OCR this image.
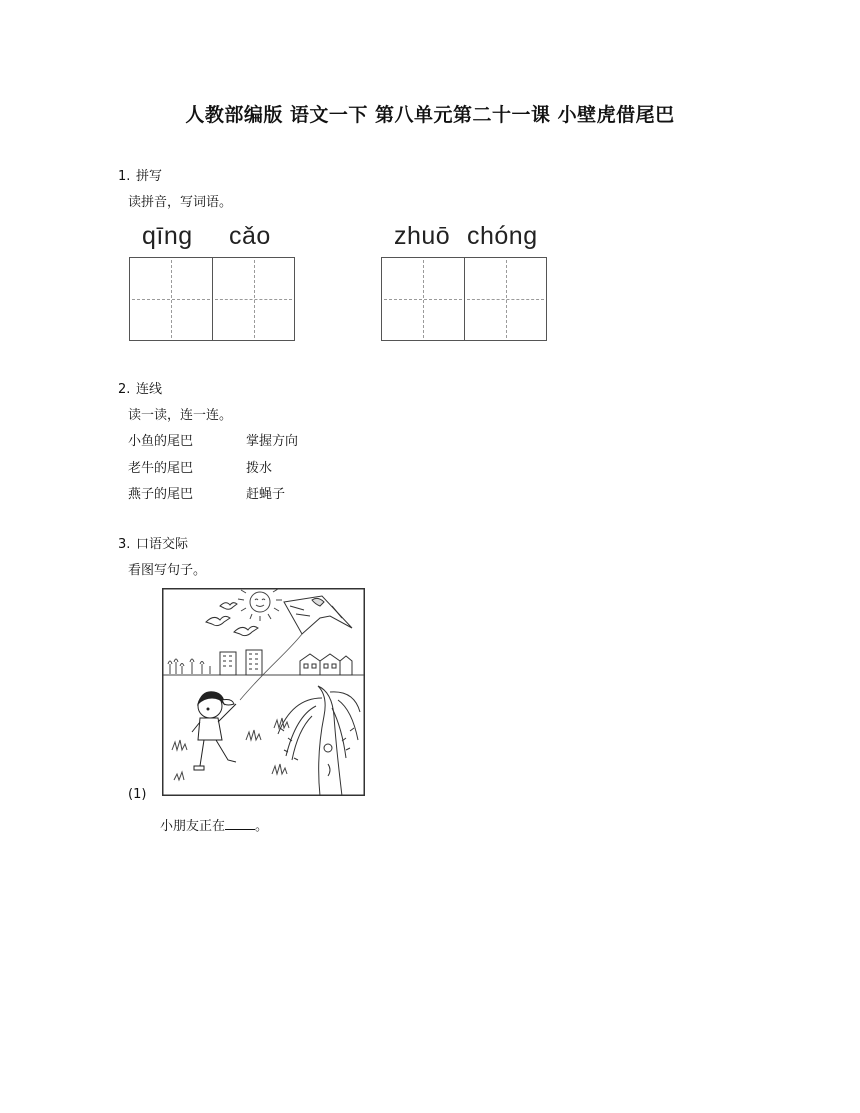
人教部编版 语文一下 第八单元第二十一课 小壁虎借尾巴
1. 拼写
读拼音，写词语。
qīng	cǎo	zhuō chóng
2. 连线
读一读，连一连。
小鱼的尾巴	掌握方向
老牛的尾巴	拨水
燕子的尾巴	赶蝇子
3. 口语交际
看图写句子。
(1)
小朋友正在 。
